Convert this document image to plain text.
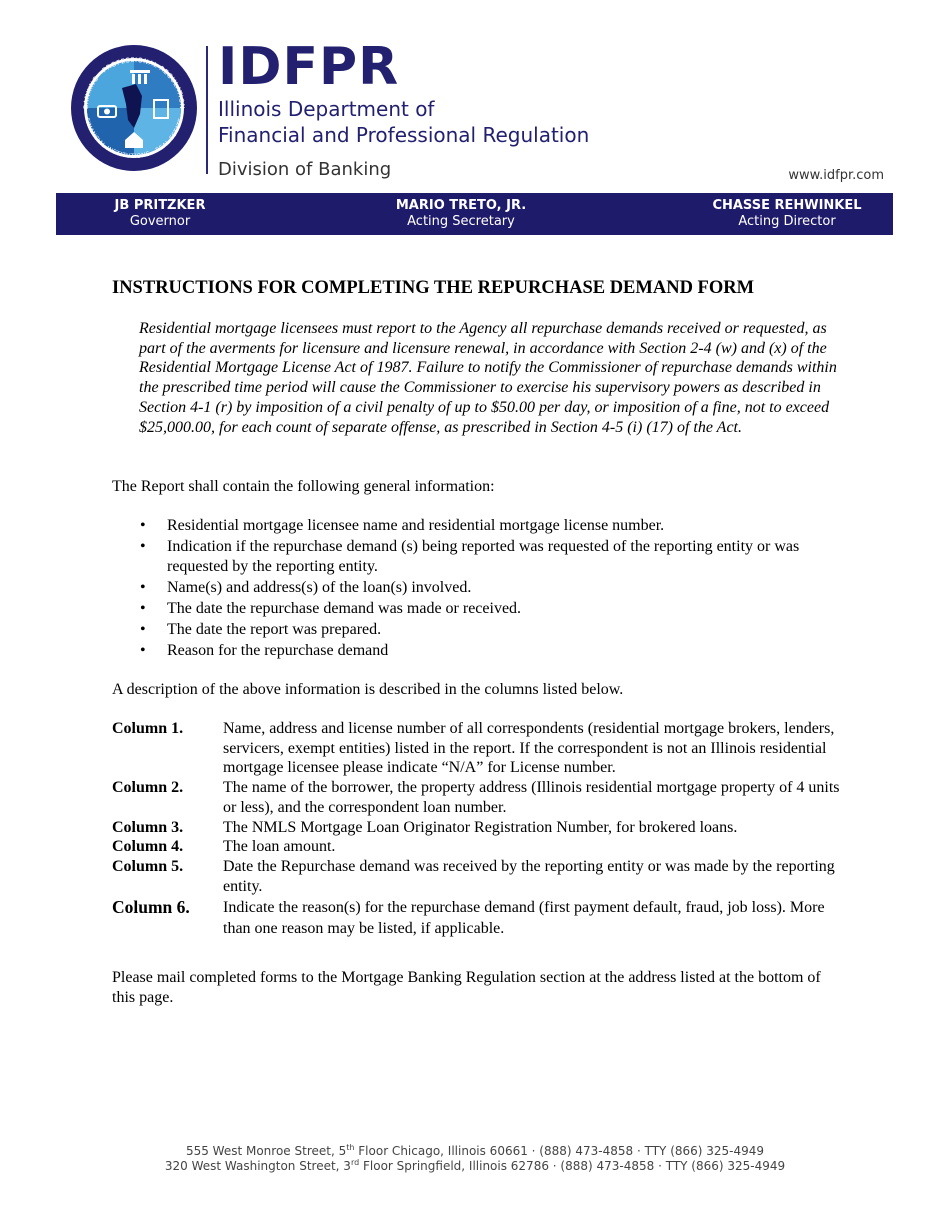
BANKING · PROFESSIONAL REGULATION
FINANCIAL INSTITUTIONS · REAL ESTATE
IDFPR
Illinois Department of
Financial and Professional Regulation
Division of Banking	www.idfpr.com
JB PRITZKER
Governor
MARIO TRETO, JR.
Acting Secretary
CHASSE REHWINKEL
Acting Director
INSTRUCTIONS FOR COMPLETING THE REPURCHASE DEMAND FORM
Residential mortgage licensees must report to the Agency all repurchase demands received or requested, as part of the averments for licensure and licensure renewal, in accordance with Section 2-4 (w) and (x) of the Residential Mortgage License Act of 1987. Failure to notify the Commissioner of repurchase demands within the prescribed time period will cause the Commissioner to exercise his supervisory powers as described in Section 4-1 (r) by imposition of a civil penalty of up to $50.00 per day, or imposition of a fine, not to exceed $25,000.00, for each count of separate offense, as prescribed in Section 4-5 (i) (17) of the Act.
The Report shall contain the following general information:
• Residential mortgage licensee name and residential mortgage license number.
• Indication if the repurchase demand (s) being reported was requested of the reporting entity or was requested by the reporting entity.
• Name(s) and address(s) of the loan(s) involved.
• The date the repurchase demand was made or received.
• The date the report was prepared.
• Reason for the repurchase demand
A description of the above information is described in the columns listed below.
Column 1.	Name, address and license number of all correspondents (residential mortgage brokers, lenders, servicers, exempt entities) listed in the report. If the correspondent is not an Illinois residential mortgage licensee please indicate “N/A” for License number.
Column 2.	The name of the borrower, the property address (Illinois residential mortgage property of 4 units or less), and the correspondent loan number.
Column 3.	The NMLS Mortgage Loan Originator Registration Number, for brokered loans.
Column 4.	The loan amount.
Column 5.	Date the Repurchase demand was received by the reporting entity or was made by the reporting entity.
Column 6.	Indicate the reason(s) for the repurchase demand (first payment default, fraud, job loss). More than one reason may be listed, if applicable.
Please mail completed forms to the Mortgage Banking Regulation section at the address listed at the bottom of this page.
555 West Monroe Street, 5th Floor Chicago, Illinois 60661 · (888) 473-4858 · TTY (866) 325-4949
320 West Washington Street, 3rd Floor Springfield, Illinois 62786 · (888) 473-4858 · TTY (866) 325-4949
